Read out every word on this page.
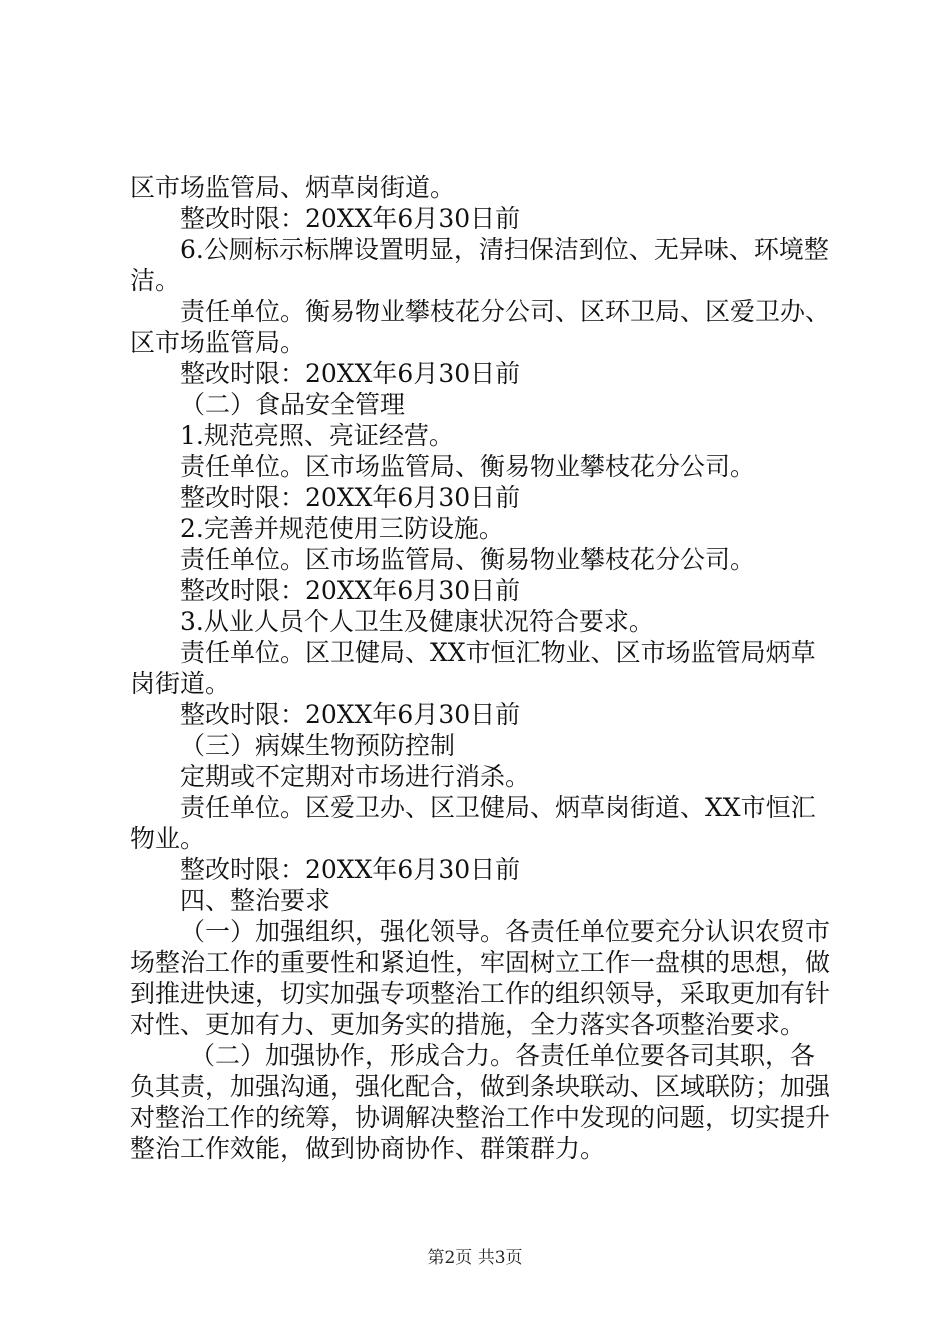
区市场监管局、炳草岗街道。

整改时限：20XX年6月30日前

6.公厕标示标牌设置明显，清扫保洁到位、无异味、环境整洁。

责任单位。衡易物业攀枝花分公司、区环卫局、区爱卫办、区市场监管局。

整改时限：20XX年6月30日前

（二）食品安全管理

1.规范亮照、亮证经营。

责任单位。区市场监管局、衡易物业攀枝花分公司。

整改时限：20XX年6月30日前

2.完善并规范使用三防设施。

责任单位。区市场监管局、衡易物业攀枝花分公司。

整改时限：20XX年6月30日前

3.从业人员个人卫生及健康状况符合要求。

责任单位。区卫健局、XX市恒汇物业、区市场监管局炳草岗街道。

整改时限：20XX年6月30日前

（三）病媒生物预防控制

定期或不定期对市场进行消杀。

责任单位。区爱卫办、区卫健局、炳草岗街道、XX市恒汇物业。

整改时限：20XX年6月30日前

四、整治要求

（一）加强组织，强化领导。各责任单位要充分认识农贸市场整治工作的重要性和紧迫性，牢固树立工作一盘棋的思想，做到推进快速，切实加强专项整治工作的组织领导，采取更加有针对性、更加有力、更加务实的措施，全力落实各项整治要求。

（二）加强协作，形成合力。各责任单位要各司其职，各负其责，加强沟通，强化配合，做到条块联动、区域联防；加强对整治工作的统筹，协调解决整治工作中发现的问题，切实提升整治工作效能，做到协商协作、群策群力。

第2页 共3页
